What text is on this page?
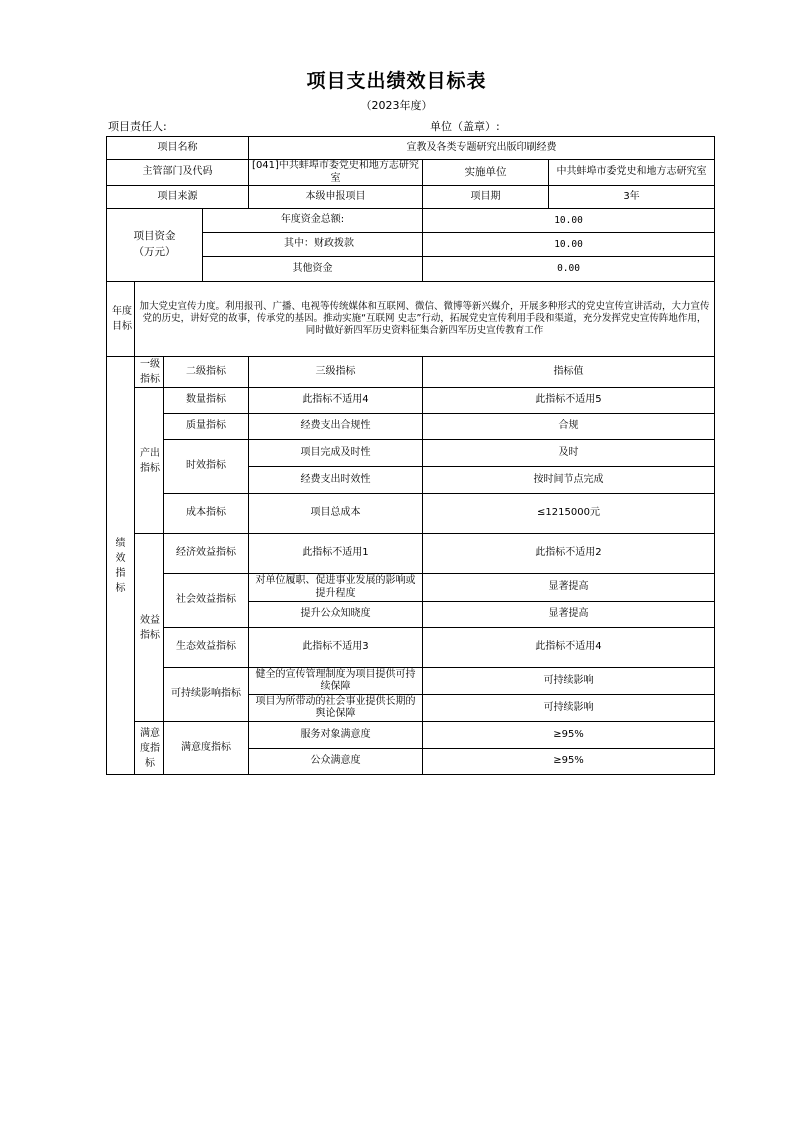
项目支出绩效目标表
（2023年度）
项目责任人:	单位（盖章）:
项目名称				宣教及各类专题研究出版印刷经费		
主管部门及代码				[041]中共蚌埠市委党史和地方志研究室	实施单位	中共蚌埠市委党史和地方志研究室
项目来源				本级申报项目	项目期	3年

项目资金（万元）			年度资金总额:		10.00	
			其中：财政拨款		10.00	
			其他资金		0.00	
年度目标	加大党史宣传力度。利用报刊、广播、电视等传统媒体和互联网、微信、微博等新兴媒介，开展多种形式的党史宣传宣讲活动，大力宣传党的历史，讲好党的故事，传承党的基因。推动实施“互联网 史志”行动，拓展党史宣传利用手段和渠道，充分发挥党史宣传阵地作用，同时做好新四军历史资料征集合新四军历史宣传教育工作					
绩效指标	一级指标	二级指标		三级指标	指标值	
	产出指标	数量指标		此指标不适用4	此指标不适用5	
		质量指标		经费支出合规性	合规	
		时效指标		项目完成及时性	及时	
				经费支出时效性	按时间节点完成	
		成本指标		项目总成本	≤1215000元	
	效益指标	经济效益指标		此指标不适用1	此指标不适用2	
		社会效益指标		对单位履职、促进事业发展的影响或提升程度	显著提高	
				提升公众知晓度	显著提高	
		生态效益指标		此指标不适用3	此指标不适用4	
		可持续影响指标		健全的宣传管理制度为项目提供可持续保障	可持续影响	
				项目为所带动的社会事业提供长期的舆论保障	可持续影响	
	满意度指标	满意度指标		服务对象满意度	≥95%	
				公众满意度	≥95%	
